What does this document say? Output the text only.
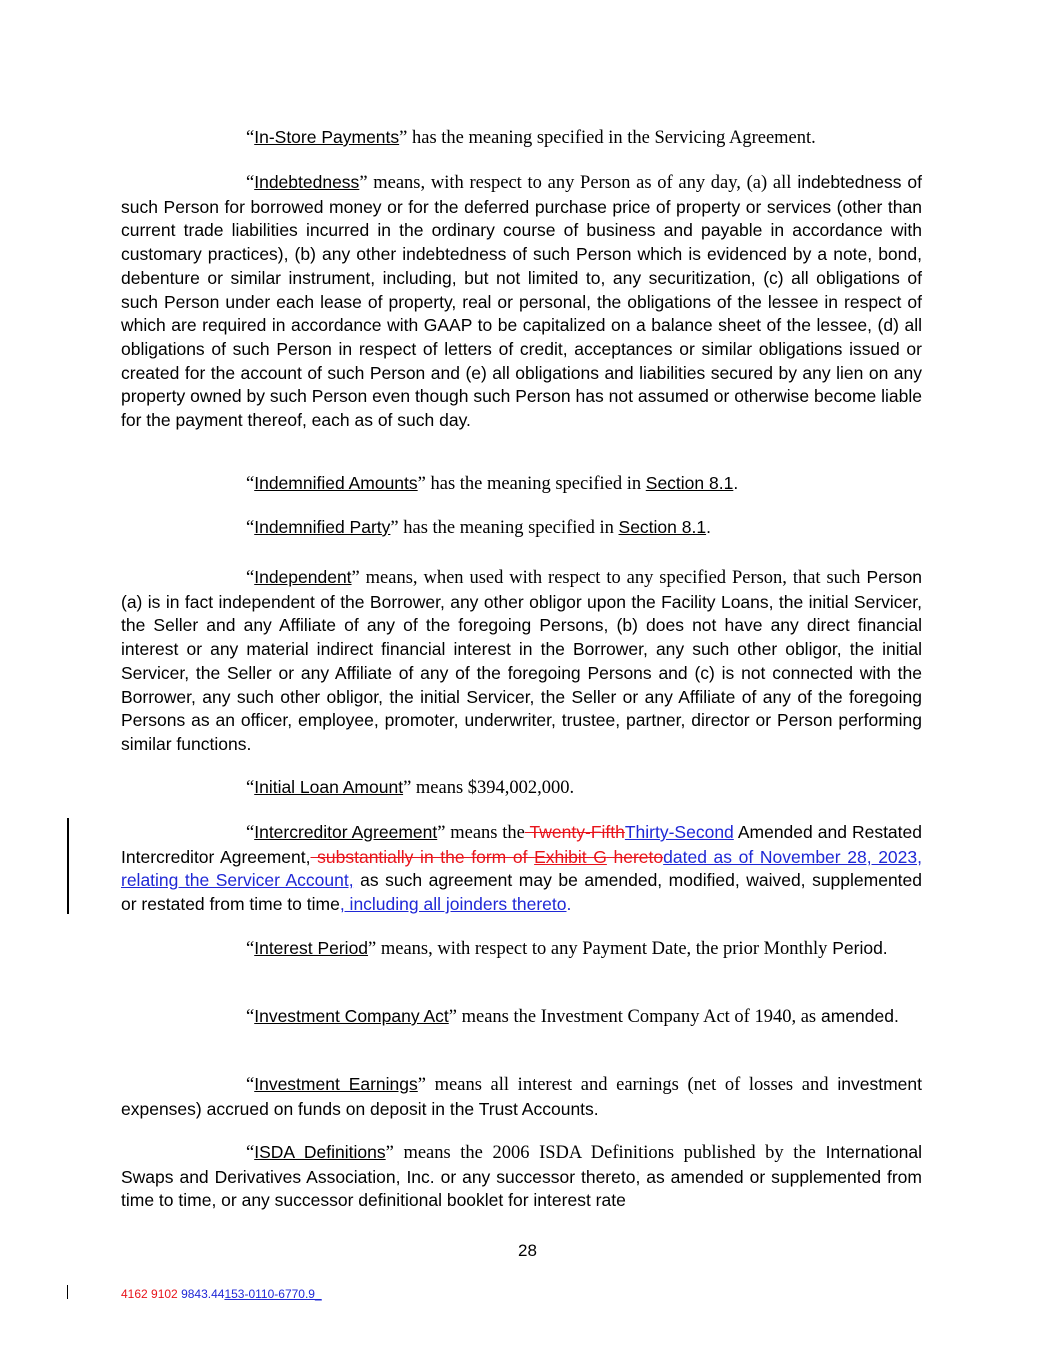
“In-Store Payments” has the meaning specified in the Servicing Agreement.
“Indebtedness” means, with respect to any Person as of any day, (a) all indebtedness of such Person for borrowed money or for the deferred purchase price of property or services (other than current trade liabilities incurred in the ordinary course of business and payable in accordance with customary practices), (b) any other indebtedness of such Person which is evidenced by a note, bond, debenture or similar instrument, including, but not limited to, any securitization, (c) all obligations of such Person under each lease of property, real or personal, the obligations of the lessee in respect of which are required in accordance with GAAP to be capitalized on a balance sheet of the lessee, (d) all obligations of such Person in respect of letters of credit, acceptances or similar obligations issued or created for the account of such Person and (e) all obligations and liabilities secured by any lien on any property owned by such Person even though such Person has not assumed or otherwise become liable for the payment thereof, each as of such day.
“Indemnified Amounts” has the meaning specified in Section 8.1.
“Indemnified Party” has the meaning specified in Section 8.1.
“Independent” means, when used with respect to any specified Person, that such Person (a) is in fact independent of the Borrower, any other obligor upon the Facility Loans, the initial Servicer, the Seller and any Affiliate of any of the foregoing Persons, (b) does not have any direct financial interest or any material indirect financial interest in the Borrower, any such other obligor, the initial Servicer, the Seller or any Affiliate of any of the foregoing Persons and (c) is not connected with the Borrower, any such other obligor, the initial Servicer, the Seller or any Affiliate of any of the foregoing Persons as an officer, employee, promoter, underwriter, trustee, partner, director or Person performing similar functions.
“Initial Loan Amount” means $394,002,000.
“Intercreditor Agreement” means the Twenty-FifthThirty-Second Amended and Restated Intercreditor Agreement, substantially in the form of Exhibit G heretodated as of November 28, 2023, relating the Servicer Account, as such agreement may be amended, modified, waived, supplemented or restated from time to time, including all joinders thereto.
“Interest Period” means, with respect to any Payment Date, the prior Monthly Period.
“Investment Company Act” means the Investment Company Act of 1940, as amended.
“Investment Earnings” means all interest and earnings (net of losses and investment expenses) accrued on funds on deposit in the Trust Accounts.
“ISDA Definitions” means the 2006 ISDA Definitions published by the International Swaps and Derivatives Association, Inc. or any successor thereto, as amended or supplemented from time to time, or any successor definitional booklet for interest rate
28
4162 9102 9843.44153-0110-6770.9_
